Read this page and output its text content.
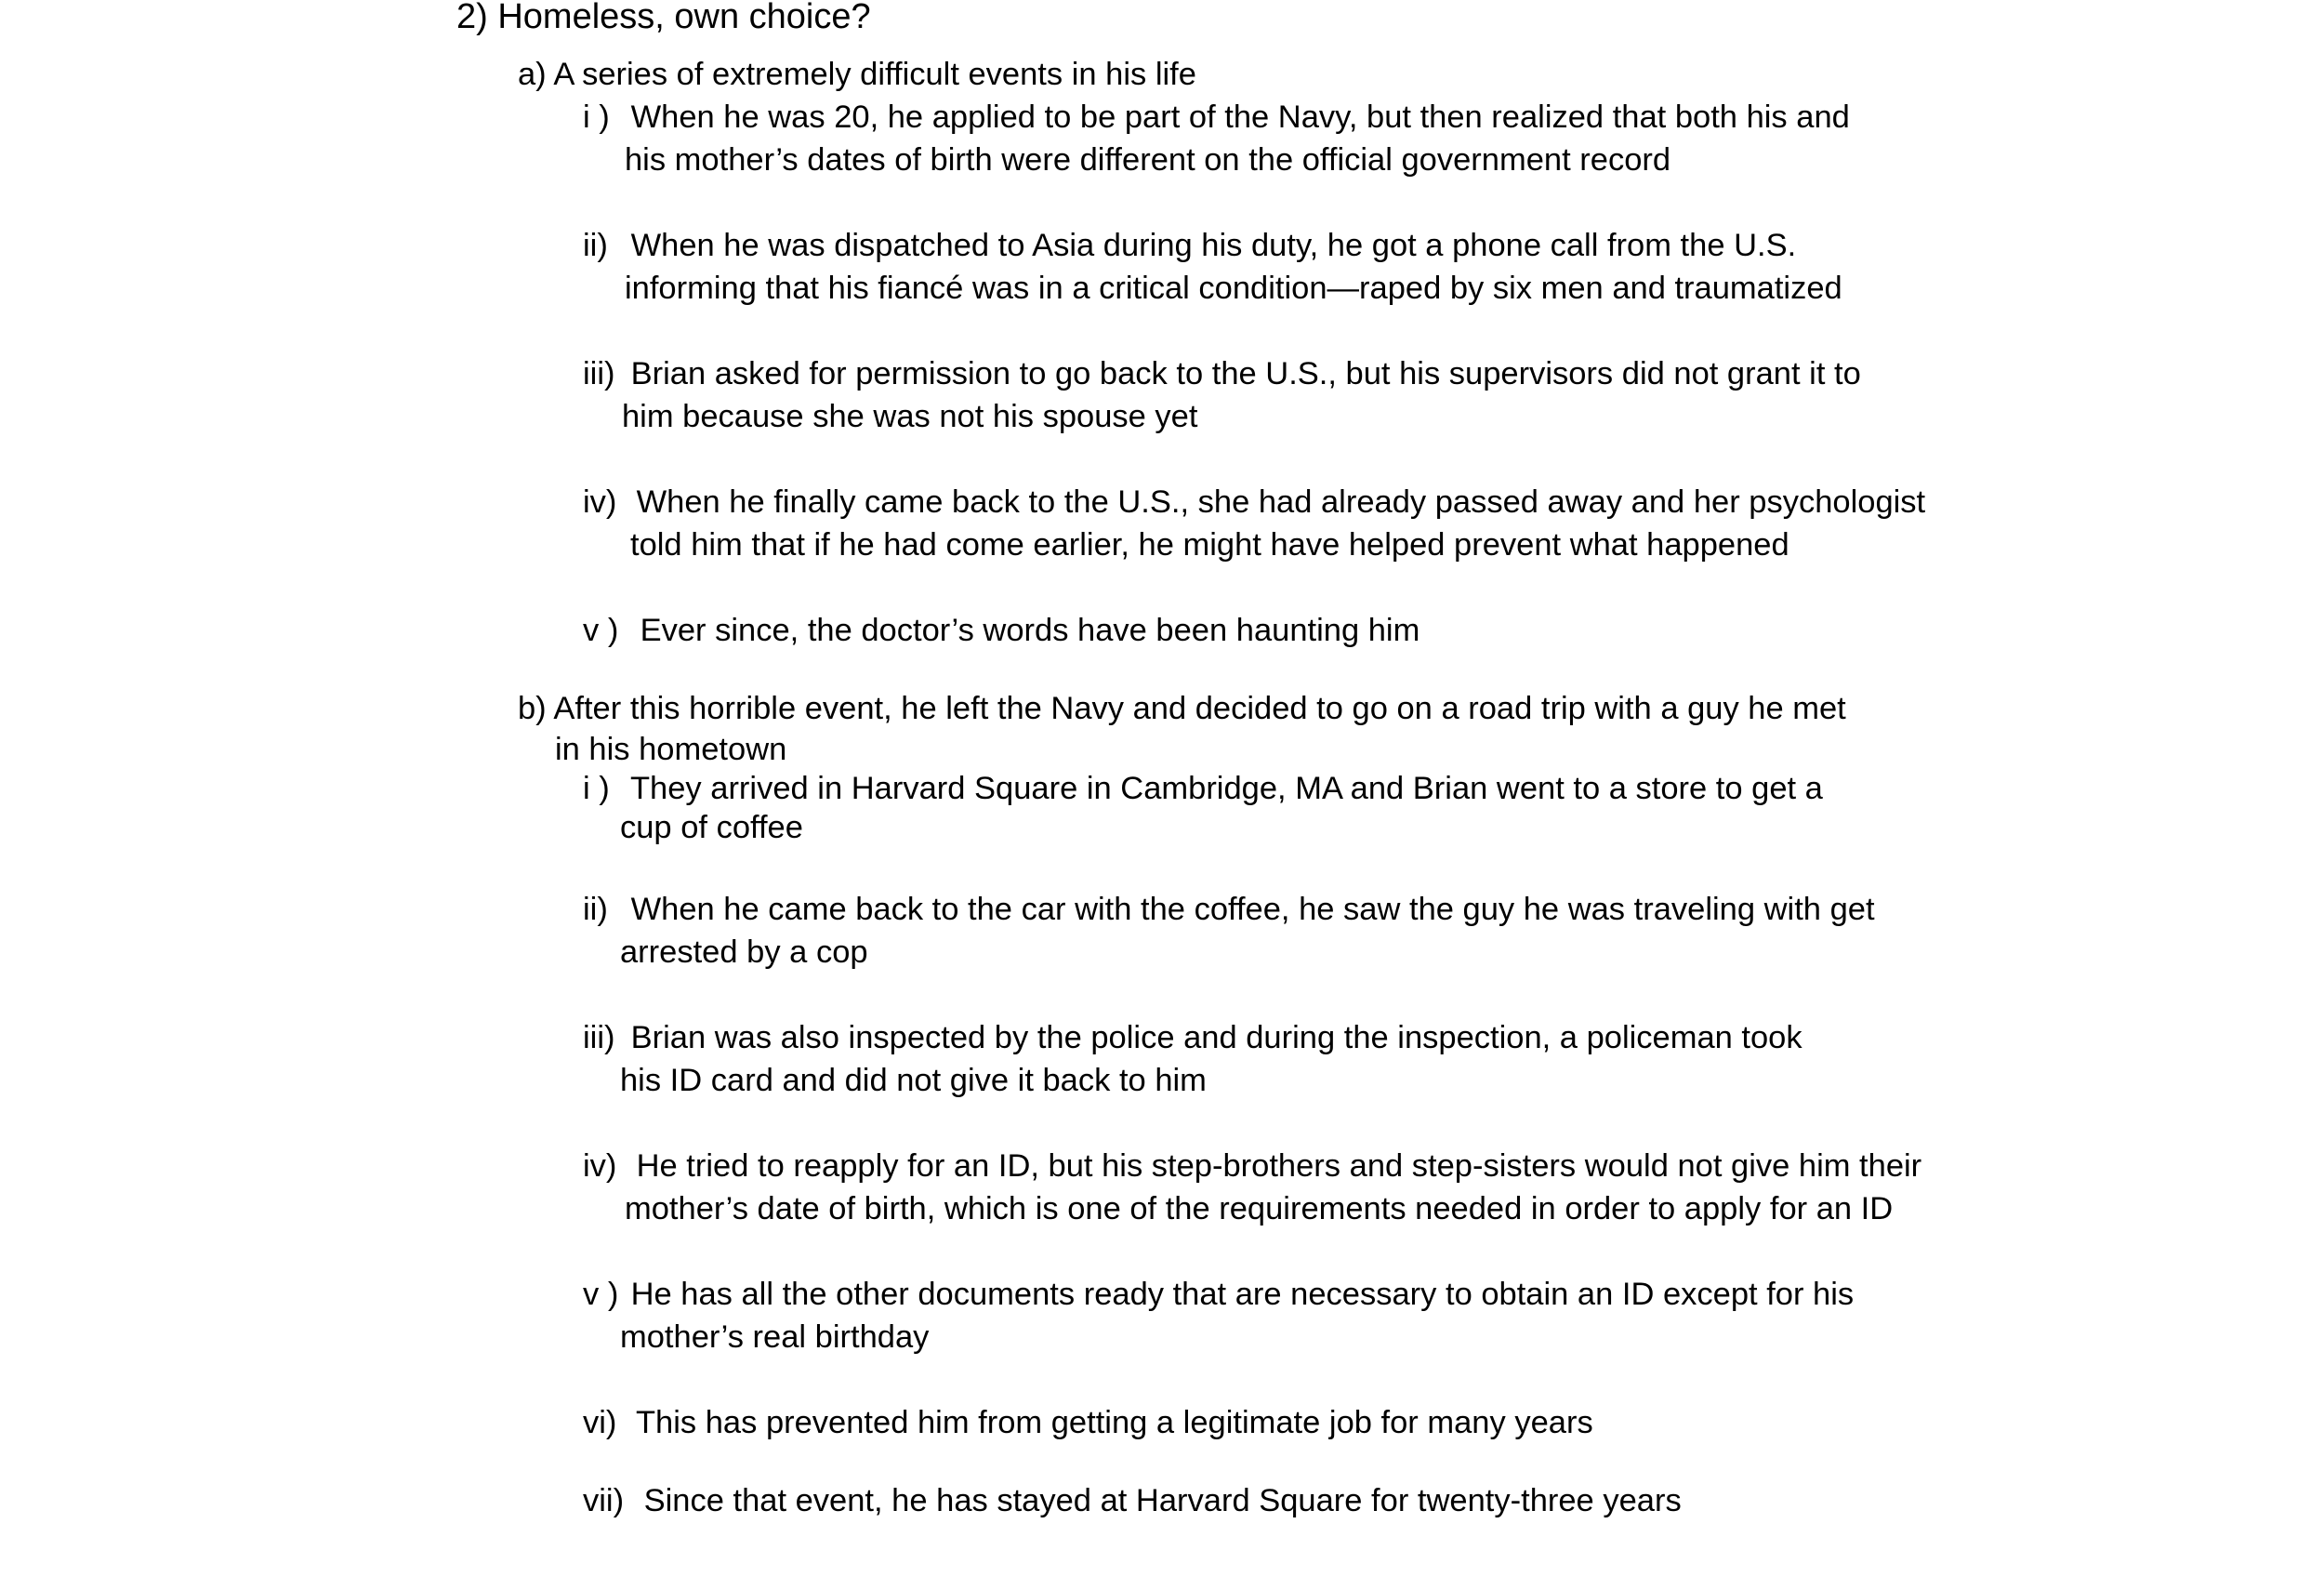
2) Homeless, own choice?
a) A series of extremely difficult events in his life
i ) When he was 20, he applied to be part of the Navy, but then realized that both his and
his mother’s dates of birth were different on the official government record
ii) When he was dispatched to Asia during his duty, he got a phone call from the U.S.
informing that his fiancé was in a critical condition—raped by six men and traumatized
iii) Brian asked for permission to go back to the U.S., but his supervisors did not grant it to
him because she was not his spouse yet
iv) When he finally came back to the U.S., she had already passed away and her psychologist
told him that if he had come earlier, he might have helped prevent what happened
v ) Ever since, the doctor’s words have been haunting him
b) After this horrible event, he left the Navy and decided to go on a road trip with a guy he met
in his hometown
i ) They arrived in Harvard Square in Cambridge, MA and Brian went to a store to get a
cup of coffee
ii) When he came back to the car with the coffee, he saw the guy he was traveling with get
arrested by a cop
iii) Brian was also inspected by the police and during the inspection, a policeman took
his ID card and did not give it back to him
iv) He tried to reapply for an ID, but his step-brothers and step-sisters would not give him their
mother’s date of birth, which is one of the requirements needed in order to apply for an ID
v ) He has all the other documents ready that are necessary to obtain an ID except for his
mother’s real birthday
vi) This has prevented him from getting a legitimate job for many years
vii) Since that event, he has stayed at Harvard Square for twenty-three years
